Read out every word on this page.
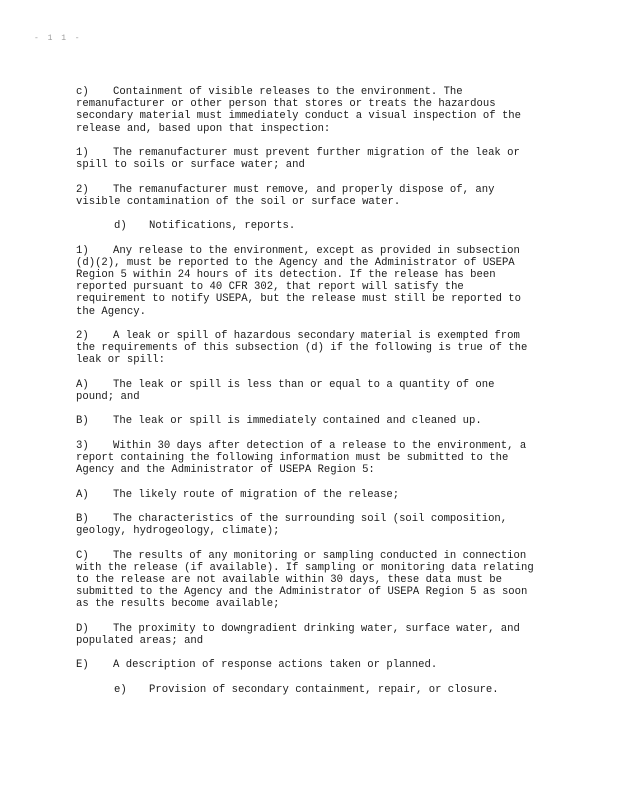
- 1 1 -

c) Containment of visible releases to the environment. The remanufacturer or other person that stores or treats the hazardous secondary material must immediately conduct a visual inspection of the release and, based upon that inspection:

1) The remanufacturer must prevent further migration of the leak or spill to soils or surface water; and

2) The remanufacturer must remove, and properly dispose of, any visible contamination of the soil or surface water.

d) Notifications, reports.

1) Any release to the environment, except as provided in subsection (d)(2), must be reported to the Agency and the Administrator of USEPA Region 5 within 24 hours of its detection. If the release has been reported pursuant to 40 CFR 302, that report will satisfy the requirement to notify USEPA, but the release must still be reported to the Agency.

2) A leak or spill of hazardous secondary material is exempted from the requirements of this subsection (d) if the following is true of the leak or spill:

A) The leak or spill is less than or equal to a quantity of one pound; and

B) The leak or spill is immediately contained and cleaned up.

3) Within 30 days after detection of a release to the environment, a report containing the following information must be submitted to the Agency and the Administrator of USEPA Region 5:

A) The likely route of migration of the release;

B) The characteristics of the surrounding soil (soil composition, geology, hydrogeology, climate);

C) The results of any monitoring or sampling conducted in connection with the release (if available). If sampling or monitoring data relating to the release are not available within 30 days, these data must be submitted to the Agency and the Administrator of USEPA Region 5 as soon as the results become available;

D) The proximity to downgradient drinking water, surface water, and populated areas; and

E) A description of response actions taken or planned.

e) Provision of secondary containment, repair, or closure.
